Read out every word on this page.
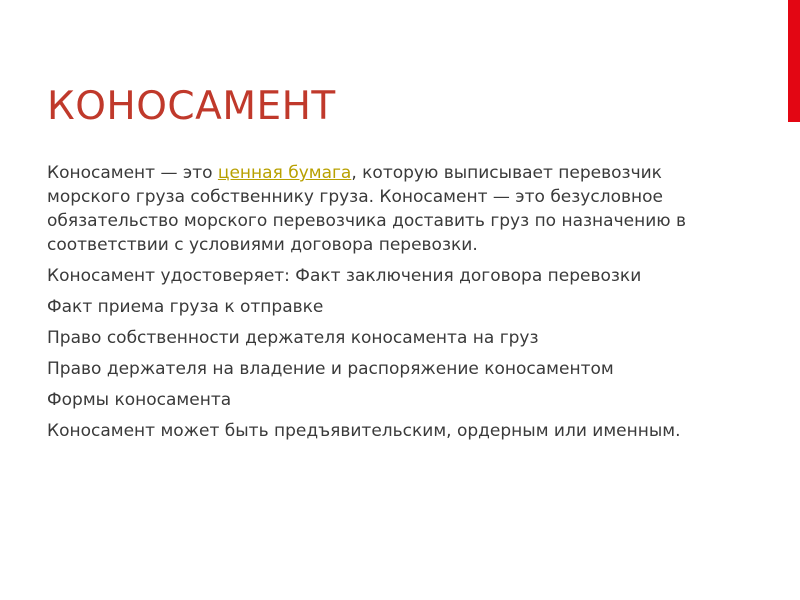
КОНОСАМЕНТ

Коносамент — это ценная бумага, которую выписывает перевозчик морского груза собственнику груза. Коносамент — это безусловное обязательство морского перевозчика доставить груз по назначению в соответствии с условиями договора перевозки.

Коносамент удостоверяет: Факт заключения договора перевозки

Факт приема груза к отправке

Право собственности держателя коносамента на груз

Право держателя на владение и распоряжение коносаментом

Формы коносамента

Коносамент может быть предъявительским, ордерным или именным.
